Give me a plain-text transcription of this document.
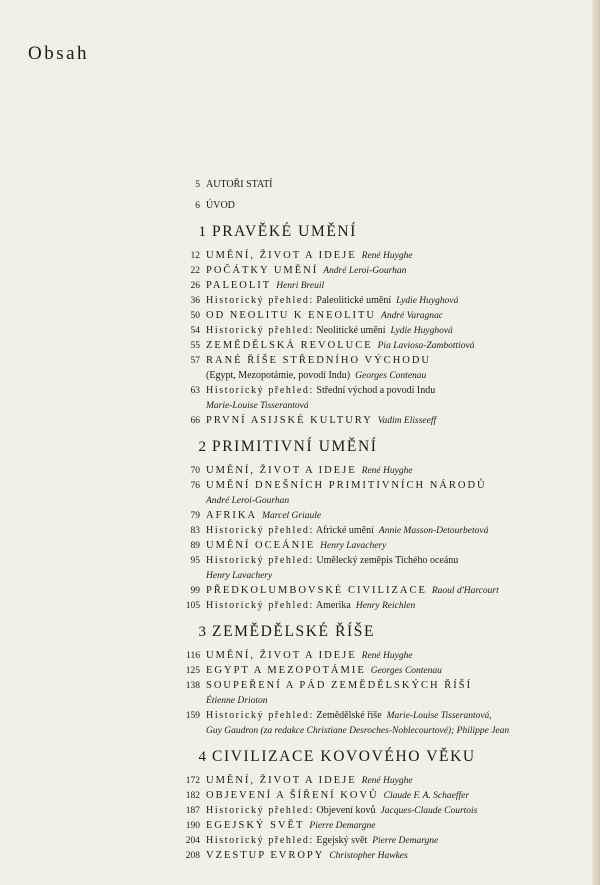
Obsah
5 AUTOŘI STATÍ
6 ÚVOD
1 PRAVĚKÉ UMĚNÍ
12 UMĚNÍ, ŽIVOT A IDEJE René Huyghe
22 POČÁTKY UMĚNÍ André Leroi-Gourhan
26 PALEOLIT Henri Breuil
36 Historický přehled: Paleolitické umění Lydie Huyghová
50 OD NEOLITU K ENEOLITU André Varagnac
54 Historický přehled: Neolitické umění Lydie Huyghová
55 ZEMĚDĚLSKÁ REVOLUCE Pia Laviosa-Zambottiová
57 RANÉ ŘÍŠE STŘEDNÍHO VÝCHODU
(Egypt, Mezopotámie, povodí Indu) Georges Contenau
63 Historický přehled: Střední východ a povodí Indu
Marie-Louise Tisserantová
66 PRVNÍ ASIJSKÉ KULTURY Vadim Elisseeff
2 PRIMITIVNÍ UMĚNÍ
70 UMĚNÍ, ŽIVOT A IDEJE René Huyghe
76 UMĚNÍ DNEŠNÍCH PRIMITIVNÍCH NÁRODŮ
André Leroi-Gourhan
79 AFRIKA Marcel Griaule
83 Historický přehled: Africké umění Annie Masson-Detourbetová
89 UMĚNÍ OCEÁNIE Henry Lavachery
95 Historický přehled: Umělecký zeměpis Tichého oceánu
Henry Lavachery
99 PŘEDKOLUMBOVSKÉ CIVILIZACE Raoul d'Harcourt
105 Historický přehled: Amerika Henry Reichlen
3 ZEMĚDĚLSKÉ ŘÍŠE
116 UMĚNÍ, ŽIVOT A IDEJE René Huyghe
125 EGYPT A MEZOPOTÁMIE Georges Contenau
138 SOUPEŘENÍ A PÁD ZEMĚDĚLSKÝCH ŘÍŠÍ
Étienne Drioton
159 Historický přehled: Zemědělské říše Marie-Louise Tisserantová,
Guy Gaudron (za redakce Christiane Desroches-Noblecourtové); Philippe Jean
4 CIVILIZACE KOVOVÉHO VĚKU
172 UMĚNÍ, ŽIVOT A IDEJE René Huyghe
182 OBJEVENÍ A ŠÍŘENÍ KOVŮ Claude F. A. Schaeffer
187 Historický přehled: Objevení kovů Jacques-Claude Courtois
190 EGEJSKÝ SVĚT Pierre Demargne
204 Historický přehled: Egejský svět Pierre Demargne
208 VZESTUP EVROPY Christopher Hawkes
